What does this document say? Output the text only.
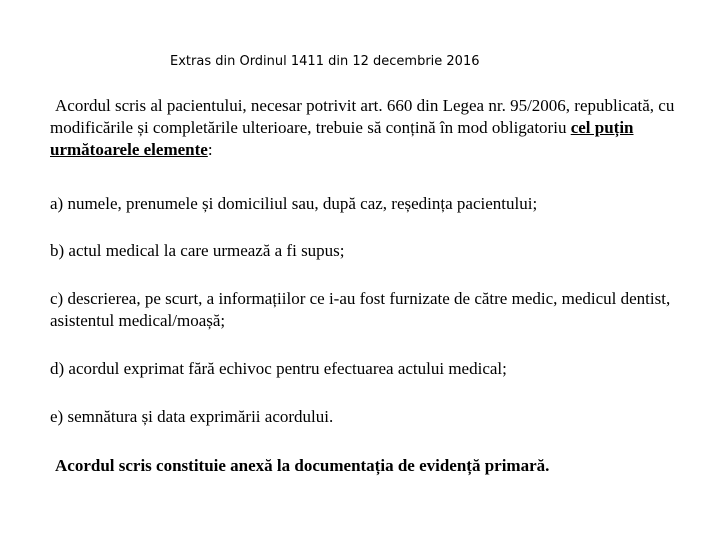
Extras din Ordinul 1411 din 12 decembrie 2016
Acordul scris al pacientului, necesar potrivit art. 660 din Legea nr. 95/2006, republicată, cu modificările și completările ulterioare, trebuie să conțină în mod obligatoriu cel puțin următoarele elemente:
a) numele, prenumele și domiciliul sau, după caz, reședința pacientului;
b) actul medical la care urmează a fi supus;
c) descrierea, pe scurt, a informațiilor ce i-au fost furnizate de către medic, medicul dentist, asistentul medical/moașă;
d) acordul exprimat fără echivoc pentru efectuarea actului medical;
e) semnătura și data exprimării acordului.
Acordul scris constituie anexă la documentația de evidență primară.
